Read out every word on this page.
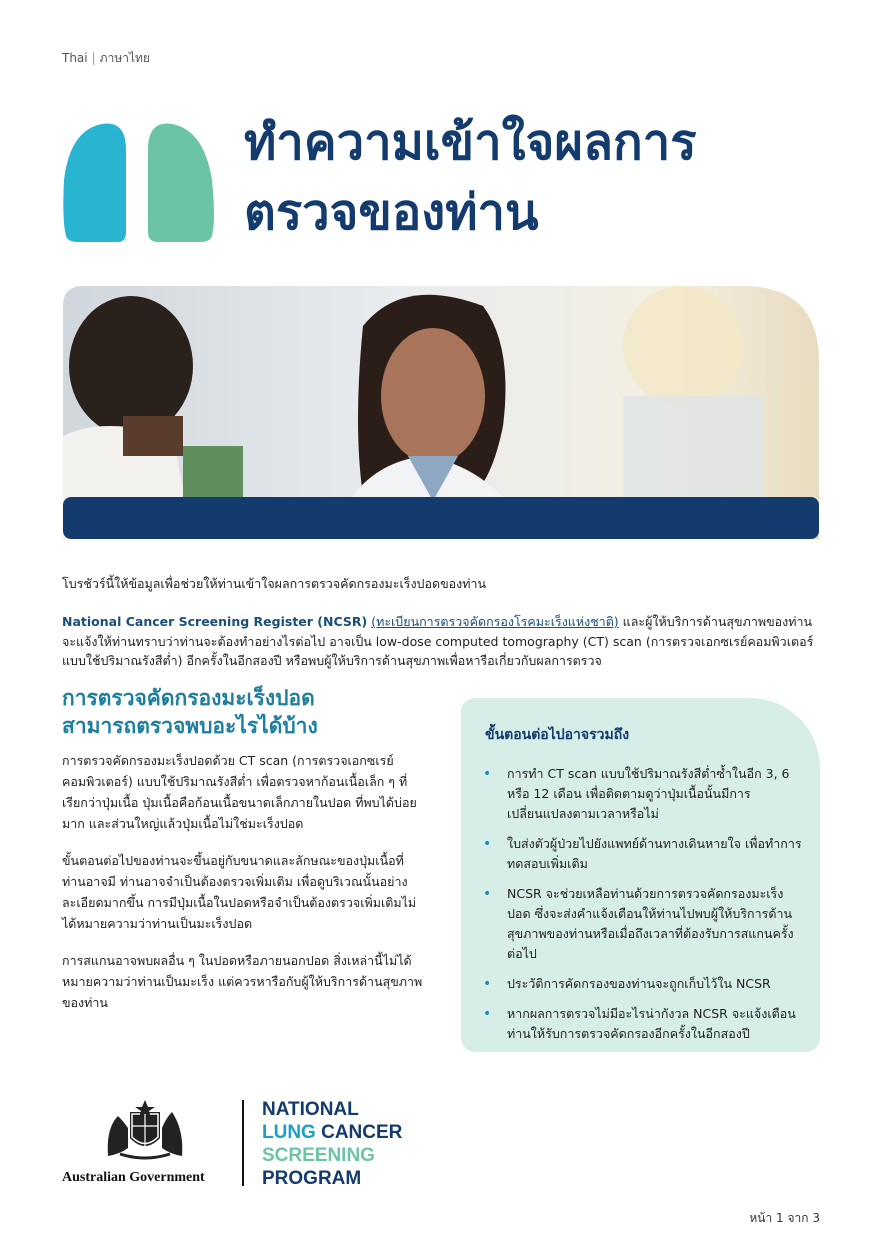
Thai | ภาษาไทย
ทำความเข้าใจผลการ
ตรวจของท่าน

โบรชัวร์นี้ให้ข้อมูลเพื่อช่วยให้ท่านเข้าใจผลการตรวจคัดกรองมะเร็งปอดของท่าน

National Cancer Screening Register (NCSR) (ทะเบียนการตรวจคัดกรองโรคมะเร็งแห่งชาติ) และผู้ให้บริการด้านสุขภาพของท่านจะแจ้งให้ท่านทราบว่าท่านจะต้องทำอย่างไรต่อไป อาจเป็น low-dose computed tomography (CT) scan (การตรวจเอกซเรย์คอมพิวเตอร์แบบใช้ปริมาณรังสีต่ำ) อีกครั้งในอีกสองปี หรือพบผู้ให้บริการด้านสุขภาพเพื่อหารือเกี่ยวกับผลการตรวจ

การตรวจคัดกรองมะเร็งปอด
สามารถตรวจพบอะไรได้บ้าง

การตรวจคัดกรองมะเร็งปอดด้วย CT scan (การตรวจเอกซเรย์คอมพิวเตอร์) แบบใช้ปริมาณรังสีต่ำ เพื่อตรวจหาก้อนเนื้อเล็ก ๆ ที่เรียกว่าปุ่มเนื้อ ปุ่มเนื้อคือก้อนเนื้อขนาดเล็กภายในปอด ที่พบได้บ่อยมาก และส่วนใหญ่แล้วปุ่มเนื้อไม่ใช่มะเร็งปอด

ขั้นตอนต่อไปของท่านจะขึ้นอยู่กับขนาดและลักษณะของปุ่มเนื้อที่ท่านอาจมี ท่านอาจจำเป็นต้องตรวจเพิ่มเติม เพื่อดูบริเวณนั้นอย่างละเอียดมากขึ้น การมีปุ่มเนื้อในปอดหรือจำเป็นต้องตรวจเพิ่มเติมไม่ได้หมายความว่าท่านเป็นมะเร็งปอด

การสแกนอาจพบผลอื่น ๆ ในปอดหรือภายนอกปอด สิ่งเหล่านี้ไม่ได้หมายความว่าท่านเป็นมะเร็ง แต่ควรหารือกับผู้ให้บริการด้านสุขภาพของท่าน

ขั้นตอนต่อไปอาจรวมถึง
• การทำ CT scan แบบใช้ปริมาณรังสีต่ำซ้ำในอีก 3, 6 หรือ 12 เดือน เพื่อติดตามดูว่าปุ่มเนื้อนั้นมีการเปลี่ยนแปลงตามเวลาหรือไม่
• ใบส่งตัวผู้ป่วยไปยังแพทย์ด้านทางเดินหายใจ เพื่อทำการทดสอบเพิ่มเติม
• NCSR จะช่วยเหลือท่านด้วยการตรวจคัดกรองมะเร็งปอด ซึ่งจะส่งคำแจ้งเตือนให้ท่านไปพบผู้ให้บริการด้านสุขภาพของท่านหรือเมื่อถึงเวลาที่ต้องรับการสแกนครั้งต่อไป
• ประวัติการคัดกรองของท่านจะถูกเก็บไว้ใน NCSR
• หากผลการตรวจไม่มีอะไรน่ากังวล NCSR จะแจ้งเตือนท่านให้รับการตรวจคัดกรองอีกครั้งในอีกสองปี
Australian Government
NATIONAL
LUNG CANCER
SCREENING
PROGRAM
หน้า 1 จาก 3
